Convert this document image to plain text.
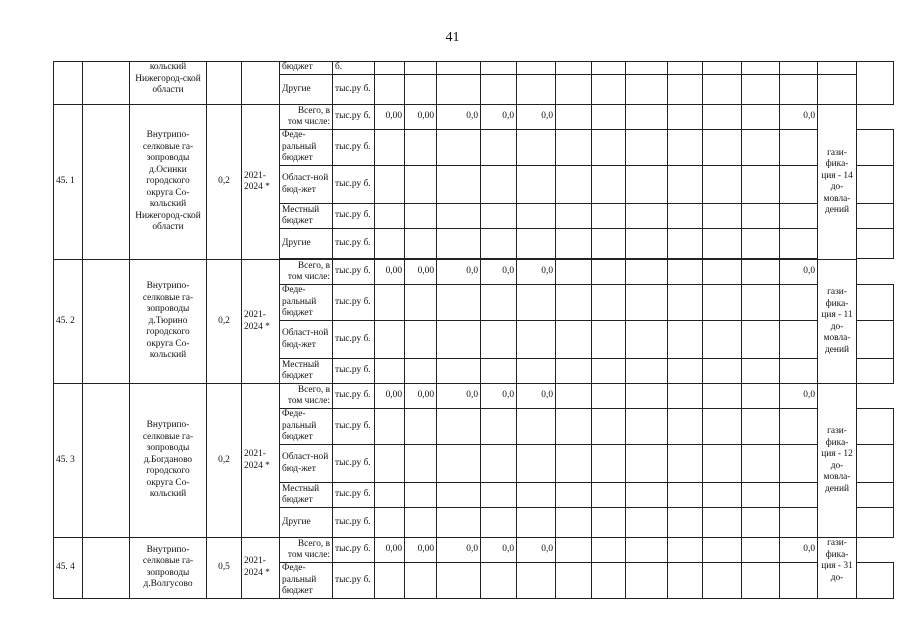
41
		кольский Нижегород-ской области			бюджет	б.														
					Другие	тыс.ру б.														
45. 1		Внутрипо-селковые га-зопроводы д.Осинки городского округа Со-кольский Нижегород-ской области	0,2	2021-2024 *	Всего, в том числе:	тыс.ру б.	0,00	0,00	0,0	0,0	0,0							0,0	гази-фика-ция - 14 до-мовла-дений	
					Феде-ральный бюджет	тыс.ру б.														
					Област-ной бюд-жет	тыс.ру б.														
					Местный бюджет	тыс.ру б.														
					Другие	тыс.ру б.														

45. 2		Внутрипо-селковые га-зопроводы д.Тюрино городского округа Со-кольский	0,2	2021-2024 *	Всего, в том числе:	тыс.ру б.	0,00	0,00	0,0	0,0	0,0							0,0	гази-фика-ция - 11 до-мовла-дений	
					Феде-ральный бюджет	тыс.ру б.														
					Област-ной бюд-жет	тыс.ру б.														
					Местный бюджет	тыс.ру б.														
45. 3		Внутрипо-селковые га-зопроводы д.Богданово городского округа Со-кольский	0,2	2021-2024 *	Всего, в том числе:	тыс.ру б.	0,00	0,00	0,0	0,0	0,0							0,0	гази-фика-ция - 12 до-мовла-дений	
					Феде-ральный бюджет	тыс.ру б.														
					Област-ной бюд-жет	тыс.ру б.														
					Местный бюджет	тыс.ру б.														
					Другие	тыс.ру б.														
45. 4		Внутрипо-селковые га-зопроводы д.Волгусово	0,5	2021-2024 *	Всего, в том числе:	тыс.ру б.	0,00	0,00	0,0	0,0	0,0							0,0	гази-фика-ция - 31 до-	
					Феде-ральный бюджет	тыс.ру б.														
